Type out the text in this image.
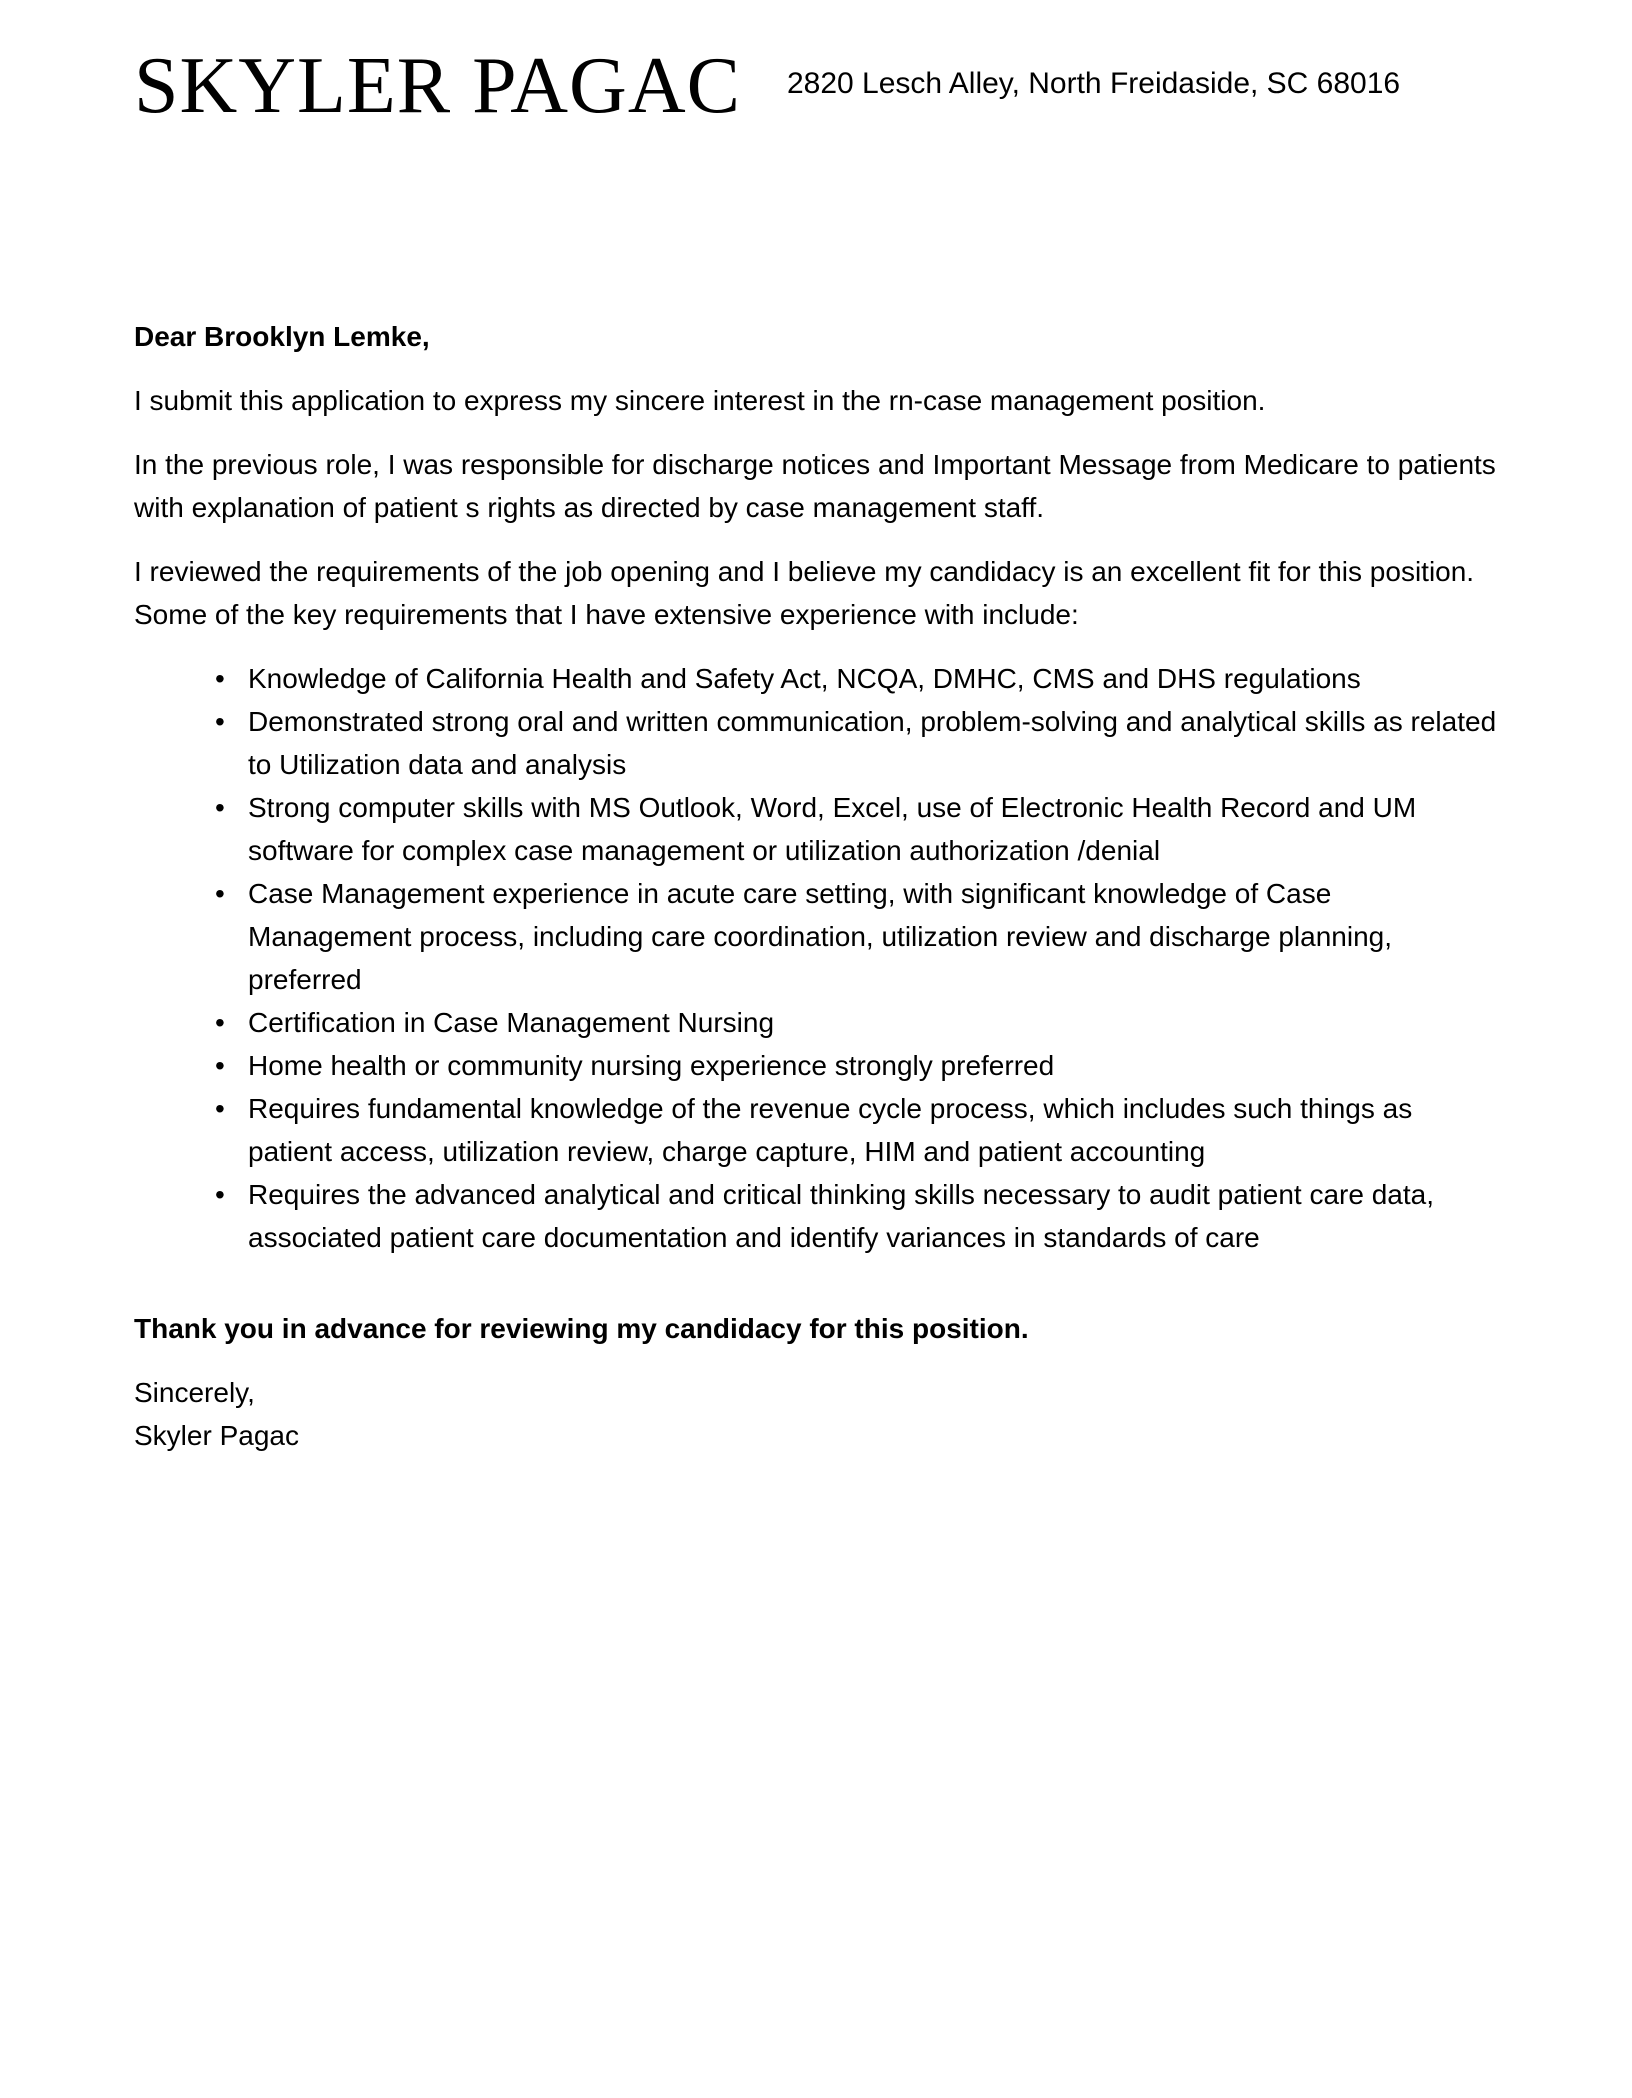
SKYLER PAGAC 2820 Lesch Alley, North Freidaside, SC 68016

Dear Brooklyn Lemke,

I submit this application to express my sincere interest in the rn-case management position.

In the previous role, I was responsible for discharge notices and Important Message from Medicare to patients with explanation of patient s rights as directed by case management staff.

I reviewed the requirements of the job opening and I believe my candidacy is an excellent fit for this position. Some of the key requirements that I have extensive experience with include:

• Knowledge of California Health and Safety Act, NCQA, DMHC, CMS and DHS regulations
• Demonstrated strong oral and written communication, problem-solving and analytical skills as related to Utilization data and analysis
• Strong computer skills with MS Outlook, Word, Excel, use of Electronic Health Record and UM software for complex case management or utilization authorization /denial
• Case Management experience in acute care setting, with significant knowledge of Case Management process, including care coordination, utilization review and discharge planning, preferred
• Certification in Case Management Nursing
• Home health or community nursing experience strongly preferred
• Requires fundamental knowledge of the revenue cycle process, which includes such things as patient access, utilization review, charge capture, HIM and patient accounting
• Requires the advanced analytical and critical thinking skills necessary to audit patient care data, associated patient care documentation and identify variances in standards of care

Thank you in advance for reviewing my candidacy for this position.

Sincerely,

Skyler Pagac
